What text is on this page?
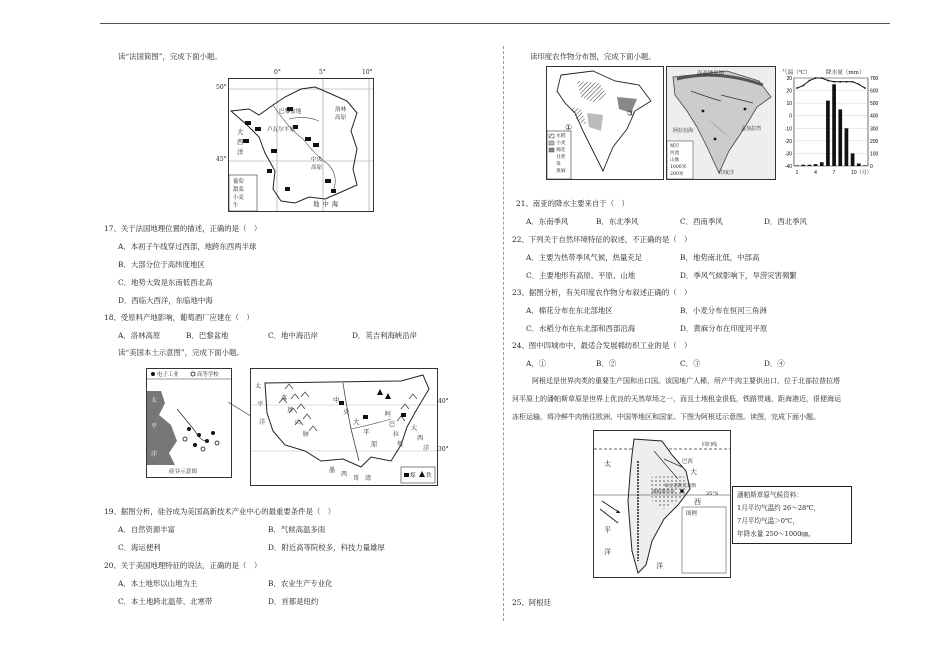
读“法国简图”，完成下面小题。
巴黎盆地	洛林高原
卢瓦尔平原
中央高原
大西洋
地中海
葡萄
甜菜
小麦
牛
0°	5°	10°
50°
45°
17、关于法国地理位置的描述，正确的是（　）
A．本初子午线穿过西部，地跨东西两半球
B．大部分位于高纬度地区
C．地势大致是东南低西北高
D．西临大西洋，东临地中海
18、受原料产地影响，葡萄酒厂应建在（　）
A．洛林高原	B．巴黎盆地	C．地中海沿岸	D．英吉利海峡沿岸
读“美国本土示意图”，完成下面小题。
电子工业	高等学校
太
平
洋
硅谷示意图
太
平
洋
大
西
洋
落
基
山
脉
中
央
大
平
原
阿
巴
拉
契
墨
西
哥 湾	煤 铁
40°
30°
19、据图分析，硅谷成为美国高新技术产业中心的最重要条件是（　）
A．自然资源丰富	B．气候高温多雨
C．海运便利	D．附近高等院校多，科技力量雄厚
20、关于美国地理特征的说法，正确的是（　）
A．本土地形以山地为主	B．农业生产专业化
C．本土地跨北温带、北寒带	D．首都是纽约
读印度农作物分布图，完成下面小题。
①
③
水稻
小麦
棉花
甘蔗
茶
黄麻
南亚地形图
阿拉伯海	孟加拉湾
印度洋
城市
河流
山脉
1000米
200米
气温（℃）	降水量（mm）
30
20
10
0
-10
-20
-30
-40
700
600
500
400
300
200
100
0
1	4	7	10（月）
21、南亚的降水主要来自于（　）
A．东南季风	B．东北季风	C．西南季风	D．西北季风
22、下列关于自然环境特征的叙述，不正确的是（　）
A．主要为热带季风气候，热量充足	B．地势南北低，中部高
C．主要地形有高原、平原、山地	D．季风气候影响下，旱涝灾害频繁
23、据图分析，有关印度农作物分布叙述正确的（　）
A．棉花分布在东北部地区	B．小麦分布在恒河三角洲
C．水稻分布在东北部和西部沿海	D．黄麻分布在印度河平原
24、图中四城市中，最适合发展棉纺织工业的是（　）
A．①	B．②	C．③	D．④
　　阿根廷是世界肉类的重要生产国和出口国。该国地广人稀，所产牛肉主要供出口，位于北部拉普拉塔
河平原上的潘帕斯草原是世界上优良的天然草场之一，而且土地租金很低，铁路贯通，距海港近，很便海运
冻柜运输，将冷鲜牛肉销往欧洲、中国等地区和国家。下图为阿根廷示意图。读图，完成下面小题。
太
平
洋
大
西
洋
巴西
布宜诺斯艾利斯
潘帕斯草原	35°S
回归线
图例
潘帕斯草原气候资料：
1月平均气温约 26～28℃，
7月平均气温＞0℃，
年降水量 250～1000㎜。
25、阿根廷
